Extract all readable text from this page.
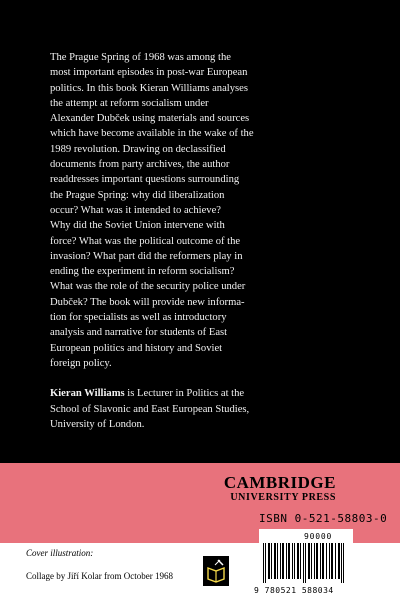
The Prague Spring of 1968 was among the

most important episodes in post-war European

politics. In this book Kieran Williams analyses

the attempt at reform socialism under

Alexander Dubček using materials and sources

which have become available in the wake of the

1989 revolution. Drawing on declassified

documents from party archives, the author

readdresses important questions surrounding

the Prague Spring: why did liberalization

occur? What was it intended to achieve?

Why did the Soviet Union intervene with

force? What was the political outcome of the

invasion? What part did the reformers play in

ending the experiment in reform socialism?

What was the role of the security police under

Dubček? The book will provide new informa-

tion for specialists as well as introductory

analysis and narrative for students of East

European politics and history and Soviet

foreign policy.

Kieran Williams is Lecturer in Politics at the

School of Slavonic and East European Studies,

University of London.

CAMBRIDGE
UNIVERSITY PRESS
ISBN 0-521-58803-0
Cover illustration:
Collage by Jiří Kolar from October 1968
90000
9 780521 588034
